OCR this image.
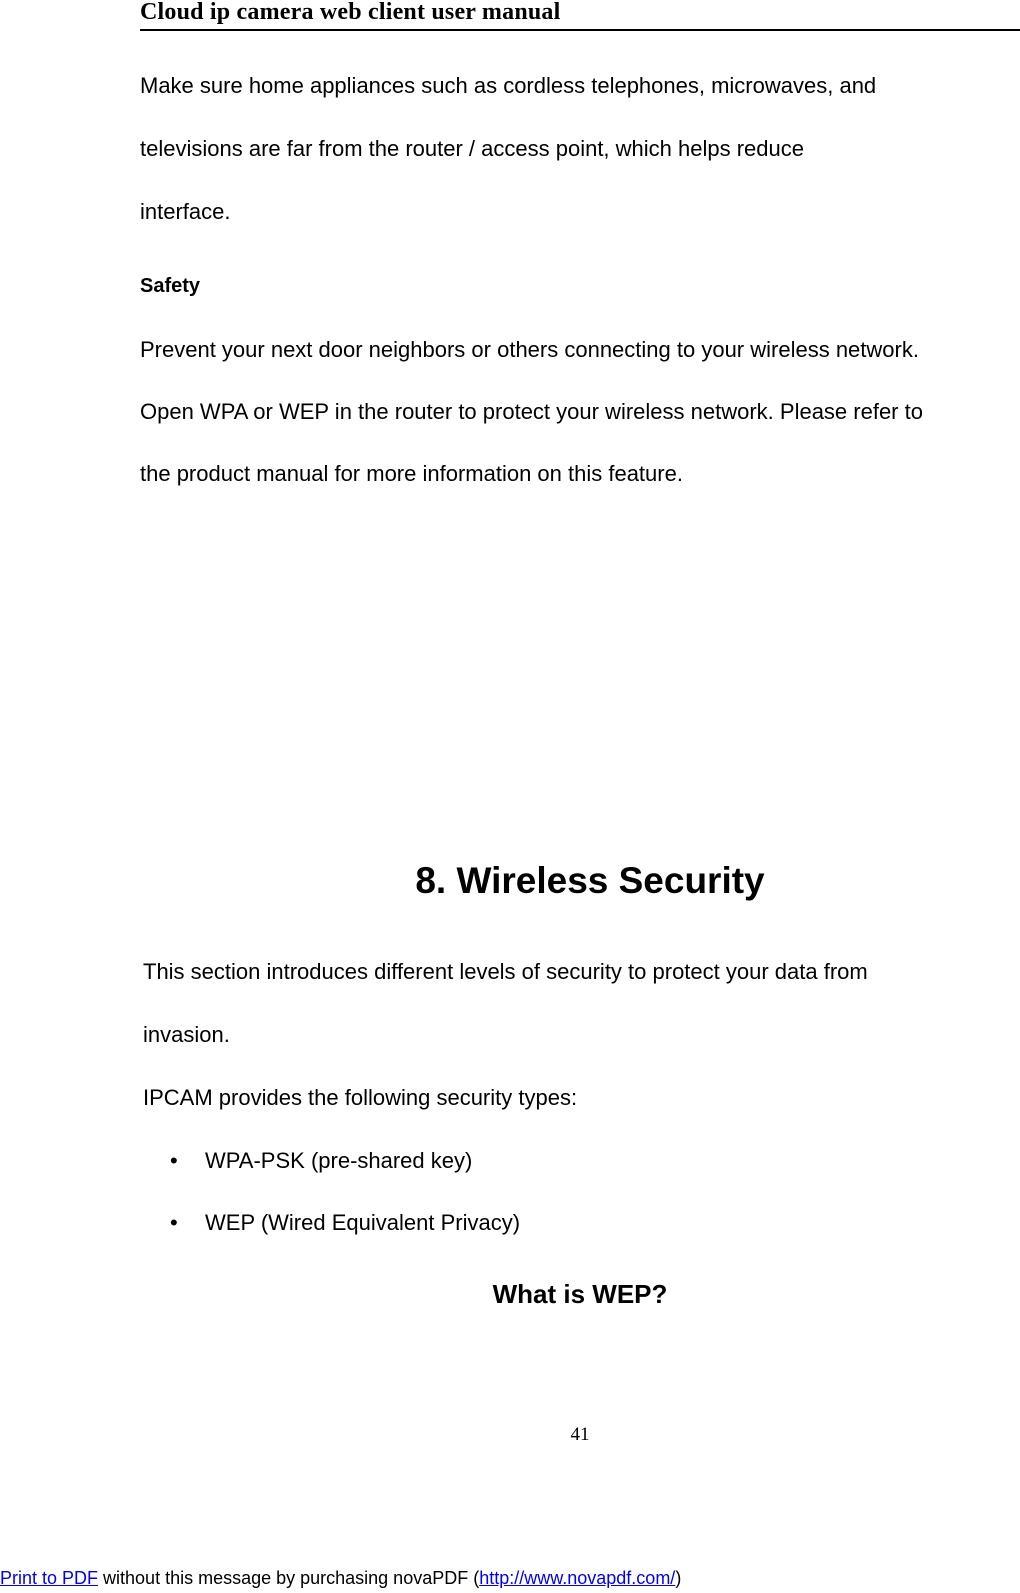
Cloud ip camera web client user manual
Make sure home appliances such as cordless telephones, microwaves, and
televisions are far from the router / access point, which helps reduce
interface.
Safety
Prevent your next door neighbors or others connecting to your wireless network.
Open WPA or WEP in the router to protect your wireless network. Please refer to
the product manual for more information on this feature.
8. Wireless Security
This section introduces different levels of security to protect your data from
invasion.
IPCAM provides the following security types:
• WPA-PSK (pre-shared key)
• WEP (Wired Equivalent Privacy)
What is WEP?
41
Print to PDF without this message by purchasing novaPDF (http://www.novapdf.com/)
